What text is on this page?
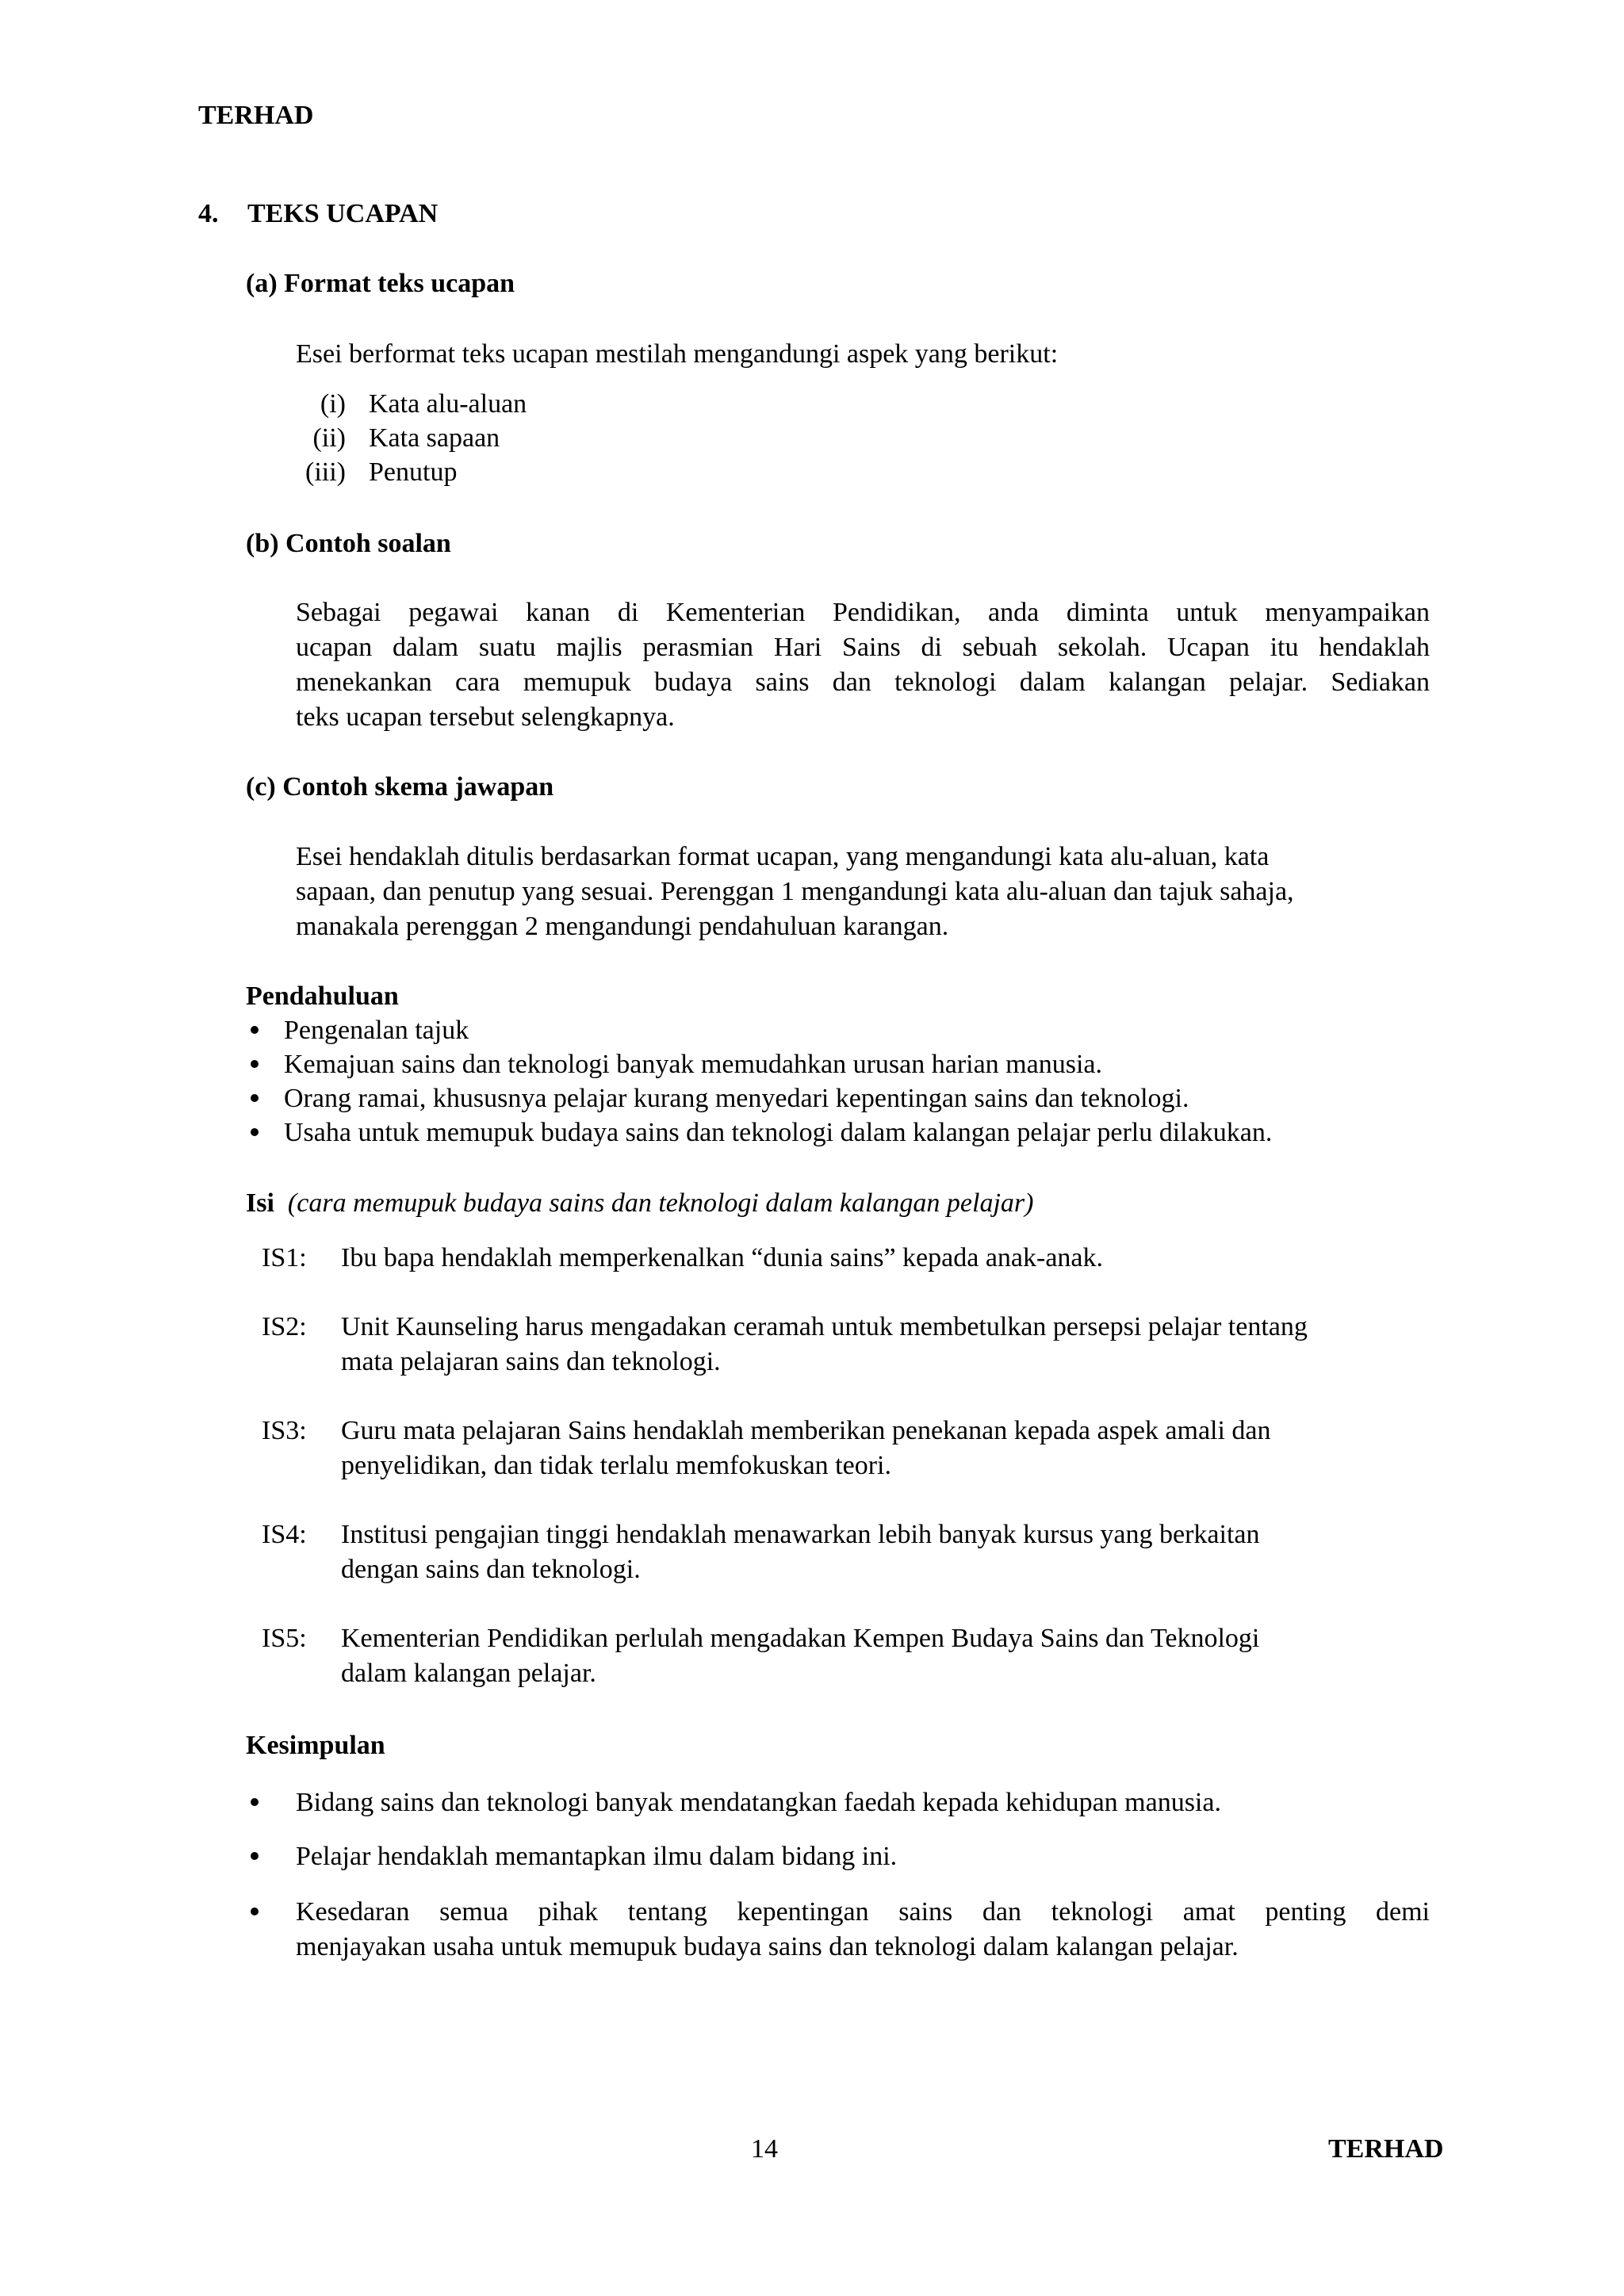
TERHAD
4. TEKS UCAPAN
(a) Format teks ucapan
Esei berformat teks ucapan mestilah mengandungi aspek yang berikut:
(i) Kata alu-aluan
(ii) Kata sapaan
(iii) Penutup
(b) Contoh soalan
Sebagai pegawai kanan di Kementerian Pendidikan, anda diminta untuk menyampaikan
ucapan dalam suatu majlis perasmian Hari Sains di sebuah sekolah. Ucapan itu hendaklah
menekankan cara memupuk budaya sains dan teknologi dalam kalangan pelajar. Sediakan
teks ucapan tersebut selengkapnya.
(c) Contoh skema jawapan
Esei hendaklah ditulis berdasarkan format ucapan, yang mengandungi kata alu-aluan, kata
sapaan, dan penutup yang sesuai. Perenggan 1 mengandungi kata alu-aluan dan tajuk sahaja,
manakala perenggan 2 mengandungi pendahuluan karangan.
Pendahuluan
Pengenalan tajuk
Kemajuan sains dan teknologi banyak memudahkan urusan harian manusia.
Orang ramai, khususnya pelajar kurang menyedari kepentingan sains dan teknologi.
Usaha untuk memupuk budaya sains dan teknologi dalam kalangan pelajar perlu dilakukan.
Isi (cara memupuk budaya sains dan teknologi dalam kalangan pelajar)
IS1: Ibu bapa hendaklah memperkenalkan “dunia sains” kepada anak-anak.
IS2: Unit Kaunseling harus mengadakan ceramah untuk membetulkan persepsi pelajar tentang
mata pelajaran sains dan teknologi.
IS3: Guru mata pelajaran Sains hendaklah memberikan penekanan kepada aspek amali dan
penyelidikan, dan tidak terlalu memfokuskan teori.
IS4: Institusi pengajian tinggi hendaklah menawarkan lebih banyak kursus yang berkaitan
dengan sains dan teknologi.
IS5: Kementerian Pendidikan perlulah mengadakan Kempen Budaya Sains dan Teknologi
dalam kalangan pelajar.
Kesimpulan
Bidang sains dan teknologi banyak mendatangkan faedah kepada kehidupan manusia.
Pelajar hendaklah memantapkan ilmu dalam bidang ini.
Kesedaran semua pihak tentang kepentingan sains dan teknologi amat penting demi
menjayakan usaha untuk memupuk budaya sains dan teknologi dalam kalangan pelajar.
14	TERHAD
